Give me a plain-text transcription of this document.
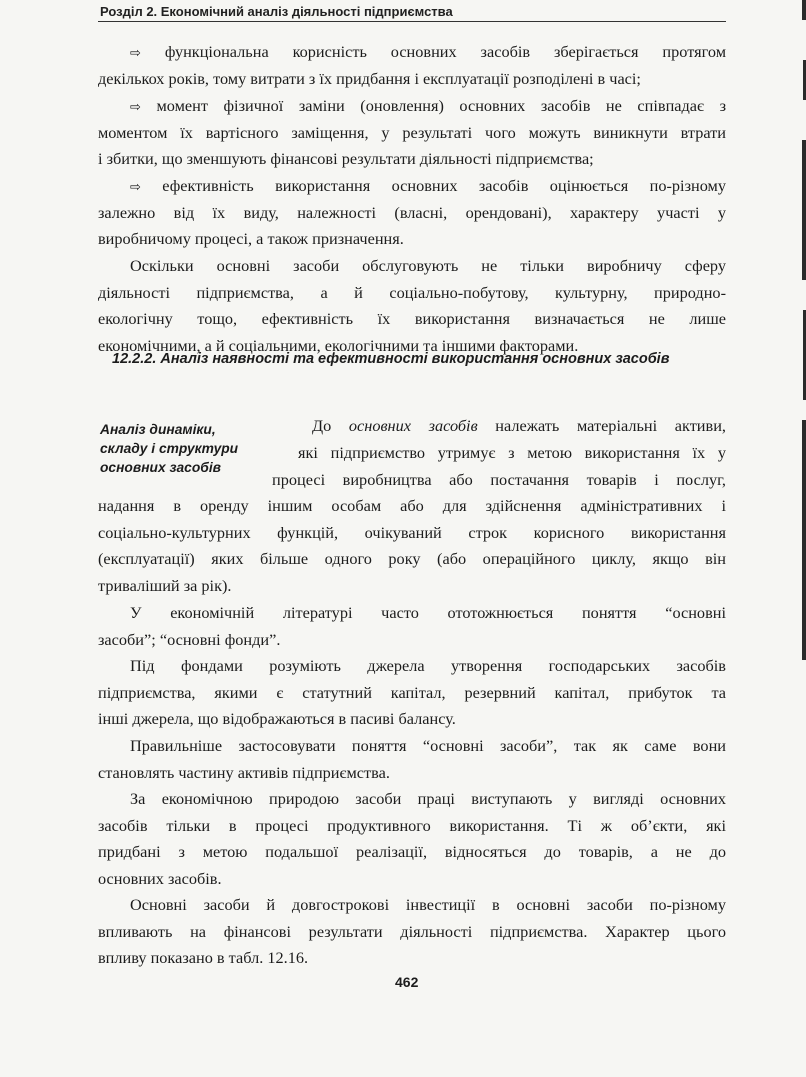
Розділ 2. Економічний аналіз діяльності підприємства
⇨ функціональна корисність основних засобів зберігається протягом
декількох років, тому витрати з їх придбання і експлуатації розподілені в часі;
⇨ момент фізичної заміни (оновлення) основних засобів не співпадає з
моментом їх вартісного заміщення, у результаті чого можуть виникнути втрати
і збитки, що зменшують фінансові результати діяльності підприємства;
⇨ ефективність використання основних засобів оцінюється по-різному
залежно від їх виду, належності (власні, орендовані), характеру участі у
виробничому процесі, а також призначення.
Оскільки основні засоби обслуговують не тільки виробничу сферу
діяльності підприємства, а й соціально-побутову, культурну, природно-
екологічну тощо, ефективність їх використання визначається не лише
економічними, а й соціальними, екологічними та іншими факторами.
12.2.2. Аналіз наявності та ефективності використання основних засобів
Аналіз динаміки,
складу і структури
основних засобів
До основних засобів належать матеріальні активи,
які підприємство утримує з метою використання їх у
процесі виробництва або постачання товарів і послуг,
надання в оренду іншим особам або для здійснення адміністративних і
соціально-культурних функцій, очікуваний строк корисного використання
(експлуатації) яких більше одного року (або операційного циклу, якщо він
триваліший за рік).
У економічній літературі часто ототожнюється поняття “основні
засоби”; “основні фонди”.
Під фондами розуміють джерела утворення господарських засобів
підприємства, якими є статутний капітал, резервний капітал, прибуток та
інші джерела, що відображаються в пасиві балансу.
Правильніше застосовувати поняття “основні засоби”, так як саме вони
становлять частину активів підприємства.
За економічною природою засоби праці виступають у вигляді основних
засобів тільки в процесі продуктивного використання. Ті ж об’єкти, які
придбані з метою подальшої реалізації, відносяться до товарів, а не до
основних засобів.
Основні засоби й довгострокові інвестиції в основні засоби по-різному
впливають на фінансові результати діяльності підприємства. Характер цього
впливу показано в табл. 12.16.
462
